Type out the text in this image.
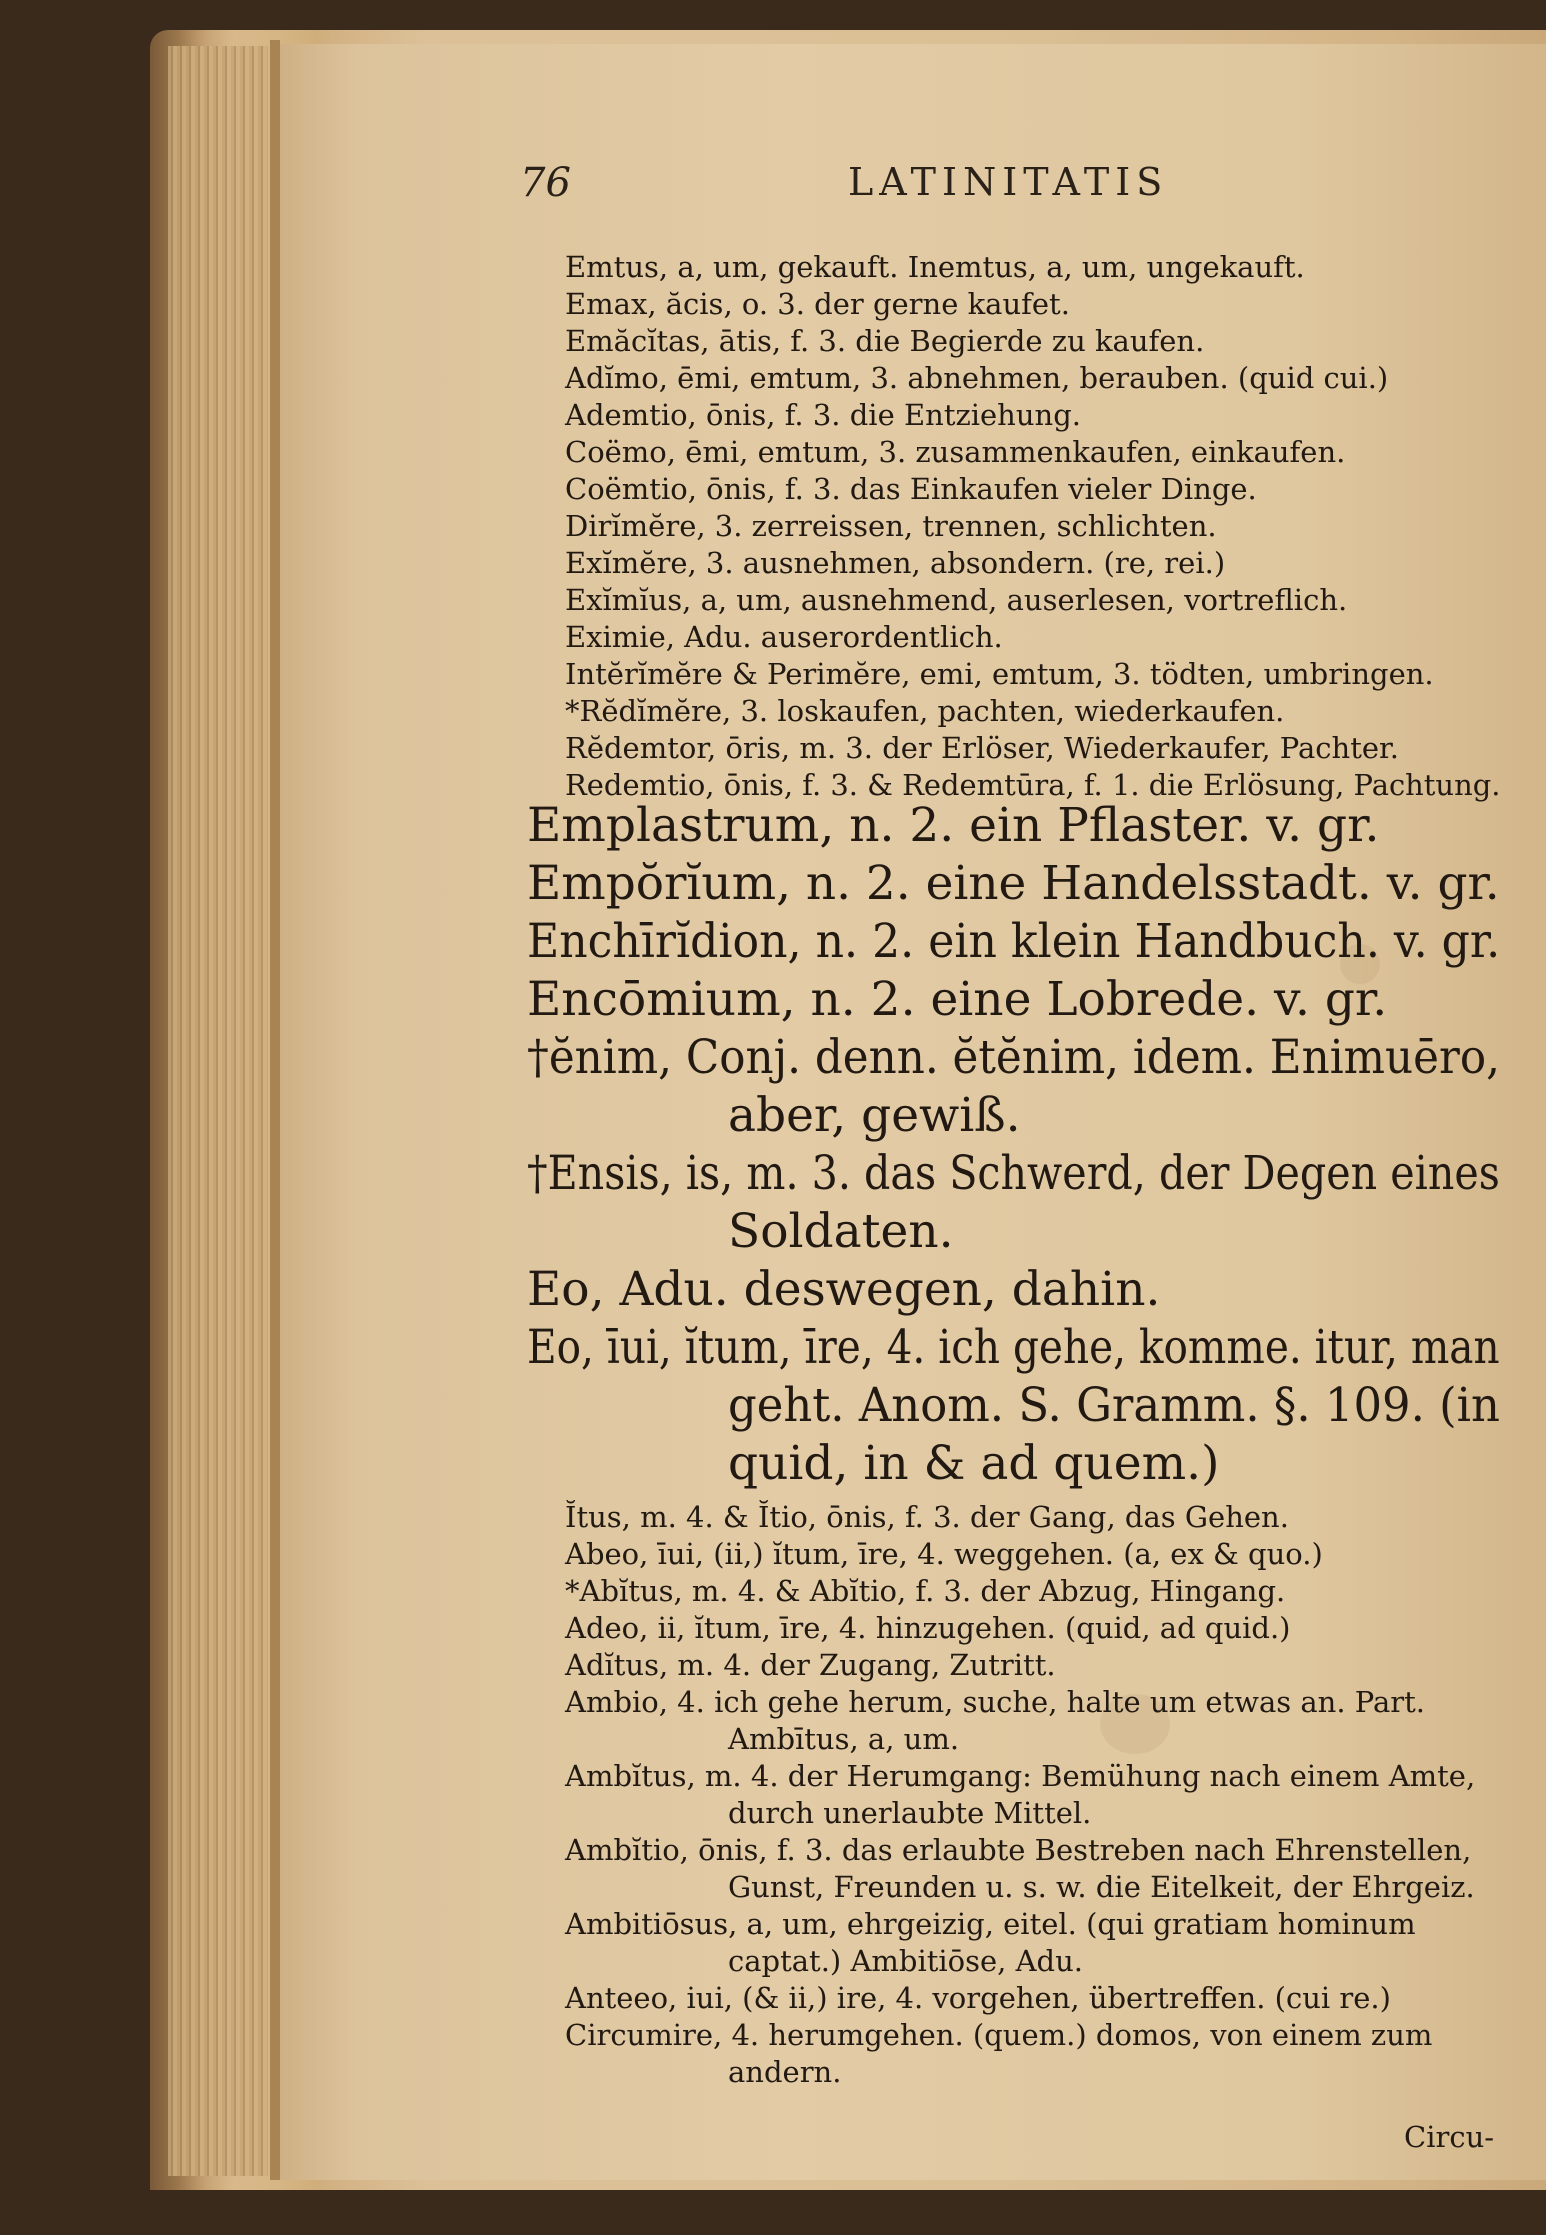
76	LATINITATIS
Emtus, a, um, gekauft. Inemtus, a, um, ungekauft.
Emax, ăcis, o. 3. der gerne kaufet.
Emăcĭtas, ātis, f. 3. die Begierde zu kaufen.
Adĭmo, ēmi, emtum, 3. abnehmen, berauben. (quid cui.)
Ademtio, ōnis, f. 3. die Entziehung.
Coëmo, ēmi, emtum, 3. zusammenkaufen, einkaufen.
Coëmtio, ōnis, f. 3. das Einkaufen vieler Dinge.
Dirĭmĕre, 3. zerreissen, trennen, schlichten.
Exĭmĕre, 3. ausnehmen, absondern. (re, rei.)
Exĭmĭus, a, um, ausnehmend, auserlesen, vortreflich.
Eximie, Adu. auserordentlich.
Intĕrĭmĕre & Perimĕre, emi, emtum, 3. tödten, umbringen.
*Rĕdĭmĕre, 3. loskaufen, pachten, wiederkaufen.
Rĕdemtor, ōris, m. 3. der Erlöser, Wiederkaufer, Pachter.
Redemtio, ōnis, f. 3. & Redemtūra, f. 1. die Erlösung, Pachtung.
Emplastrum, n. 2. ein Pflaster. v. gr.
Empŏrĭum, n. 2. eine Handelsstadt. v. gr.
Enchīrĭdion, n. 2. ein klein Handbuch. v. gr.
Encōmium, n. 2. eine Lobrede. v. gr.
†ĕnim, Conj. denn. ĕtĕnim, idem. Enimuēro,
aber, gewiß.
†Ensis, is, m. 3. das Schwerd, der Degen eines
Soldaten.
Eo, Adu. deswegen, dahin.
Eo, īui, ĭtum, īre, 4. ich gehe, komme. itur, man
geht. Anom. S. Gramm. §. 109. (in
quid, in & ad quem.)
Ĭtus, m. 4. & Ĭtio, ōnis, f. 3. der Gang, das Gehen.
Abeo, īui, (ii,) ĭtum, īre, 4. weggehen. (a, ex & quo.)
*Abĭtus, m. 4. & Abĭtio, f. 3. der Abzug, Hingang.
Adeo, ii, ĭtum, īre, 4. hinzugehen. (quid, ad quid.)
Adĭtus, m. 4. der Zugang, Zutritt.
Ambio, 4. ich gehe herum, suche, halte um etwas an. Part.
Ambītus, a, um.
Ambĭtus, m. 4. der Herumgang: Bemühung nach einem Amte,
durch unerlaubte Mittel.
Ambĭtio, ōnis, f. 3. das erlaubte Bestreben nach Ehrenstellen,
Gunst, Freunden u. s. w. die Eitelkeit, der Ehrgeiz.
Ambitiōsus, a, um, ehrgeizig, eitel. (qui gratiam hominum
captat.) Ambitiōse, Adu.
Anteeo, iui, (& ii,) ire, 4. vorgehen, übertreffen. (cui re.)
Circumire, 4. herumgehen. (quem.) domos, von einem zum
andern.
Circu-
